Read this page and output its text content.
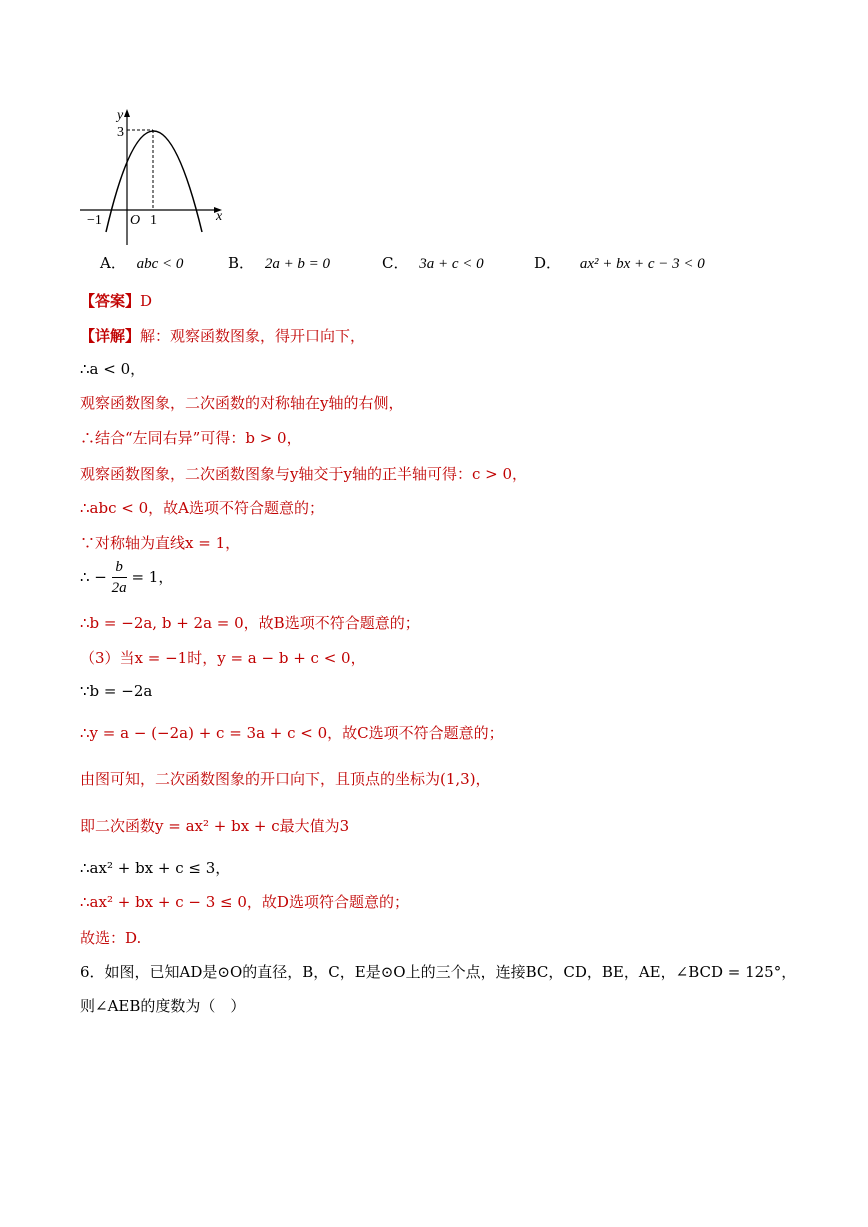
y
x
3
−1 O 1
A． abc < 0	B． 2a + b = 0	C． 3a + c < 0	D． ax² + bx + c − 3 < 0
【答案】D
【详解】解：观察函数图象，得开口向下，
∴a < 0，
观察函数图象，二次函数的对称轴在y轴的右侧，
∴结合“左同右异”可得：b > 0，
观察函数图象，二次函数图象与y轴交于y轴的正半轴可得：c > 0，
∴abc < 0，故A选项不符合题意的；
∵对称轴为直线x = 1，
∴ − $\frac{b}{2a} = 1$，
∴b = −2a, b + 2a = 0，故B选项不符合题意的；
（3）当x = −1时，y = a − b + c < 0，
∵b = −2a
∴y = a − (−2a) + c = 3a + c < 0，故C选项不符合题意的；
由图可知，二次函数图象的开口向下，且顶点的坐标为(1,3)，
即二次函数y = ax² + bx + c最大值为3
∴ax² + bx + c ≤ 3，
∴ax² + bx + c − 3 ≤ 0，故D选项符合题意的；
故选：D.
6．如图，已知AD是⊙O的直径，B，C，E是⊙O上的三个点，连接BC，CD，BE，AE，∠BCD = 125°，
则∠AEB的度数为（　）
